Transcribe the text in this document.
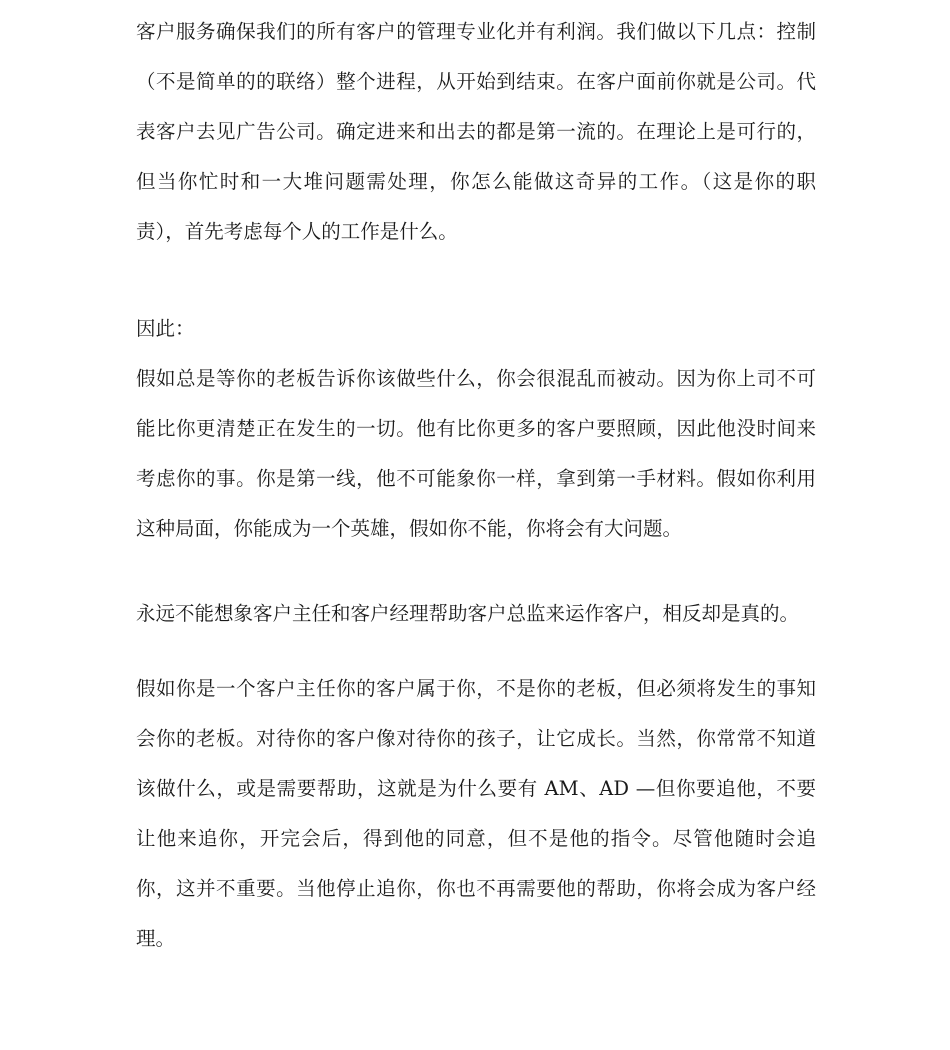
客户服务确保我们的所有客户的管理专业化并有利润。我们做以下几点：控制（不是简单的的联络）整个进程，从开始到结束。在客户面前你就是公司。代表客户去见广告公司。确定进来和出去的都是第一流的。在理论上是可行的，但当你忙时和一大堆问题需处理，你怎么能做这奇异的工作。（这是你的职责），首先考虑每个人的工作是什么。

因此：

假如总是等你的老板告诉你该做些什么，你会很混乱而被动。因为你上司不可能比你更清楚正在发生的一切。他有比你更多的客户要照顾，因此他没时间来考虑你的事。你是第一线，他不可能象你一样，拿到第一手材料。假如你利用这种局面，你能成为一个英雄，假如你不能，你将会有大问题。

永远不能想象客户主任和客户经理帮助客户总监来运作客户，相反却是真的。

假如你是一个客户主任你的客户属于你，不是你的老板，但必须将发生的事知会你的老板。对待你的客户像对待你的孩子，让它成长。当然，你常常不知道该做什么，或是需要帮助，这就是为什么要有 AM、AD —但你要追他，不要让他来追你，开完会后，得到他的同意，但不是他的指令。尽管他随时会追你，这并不重要。当他停止追你，你也不再需要他的帮助，你将会成为客户经理。
